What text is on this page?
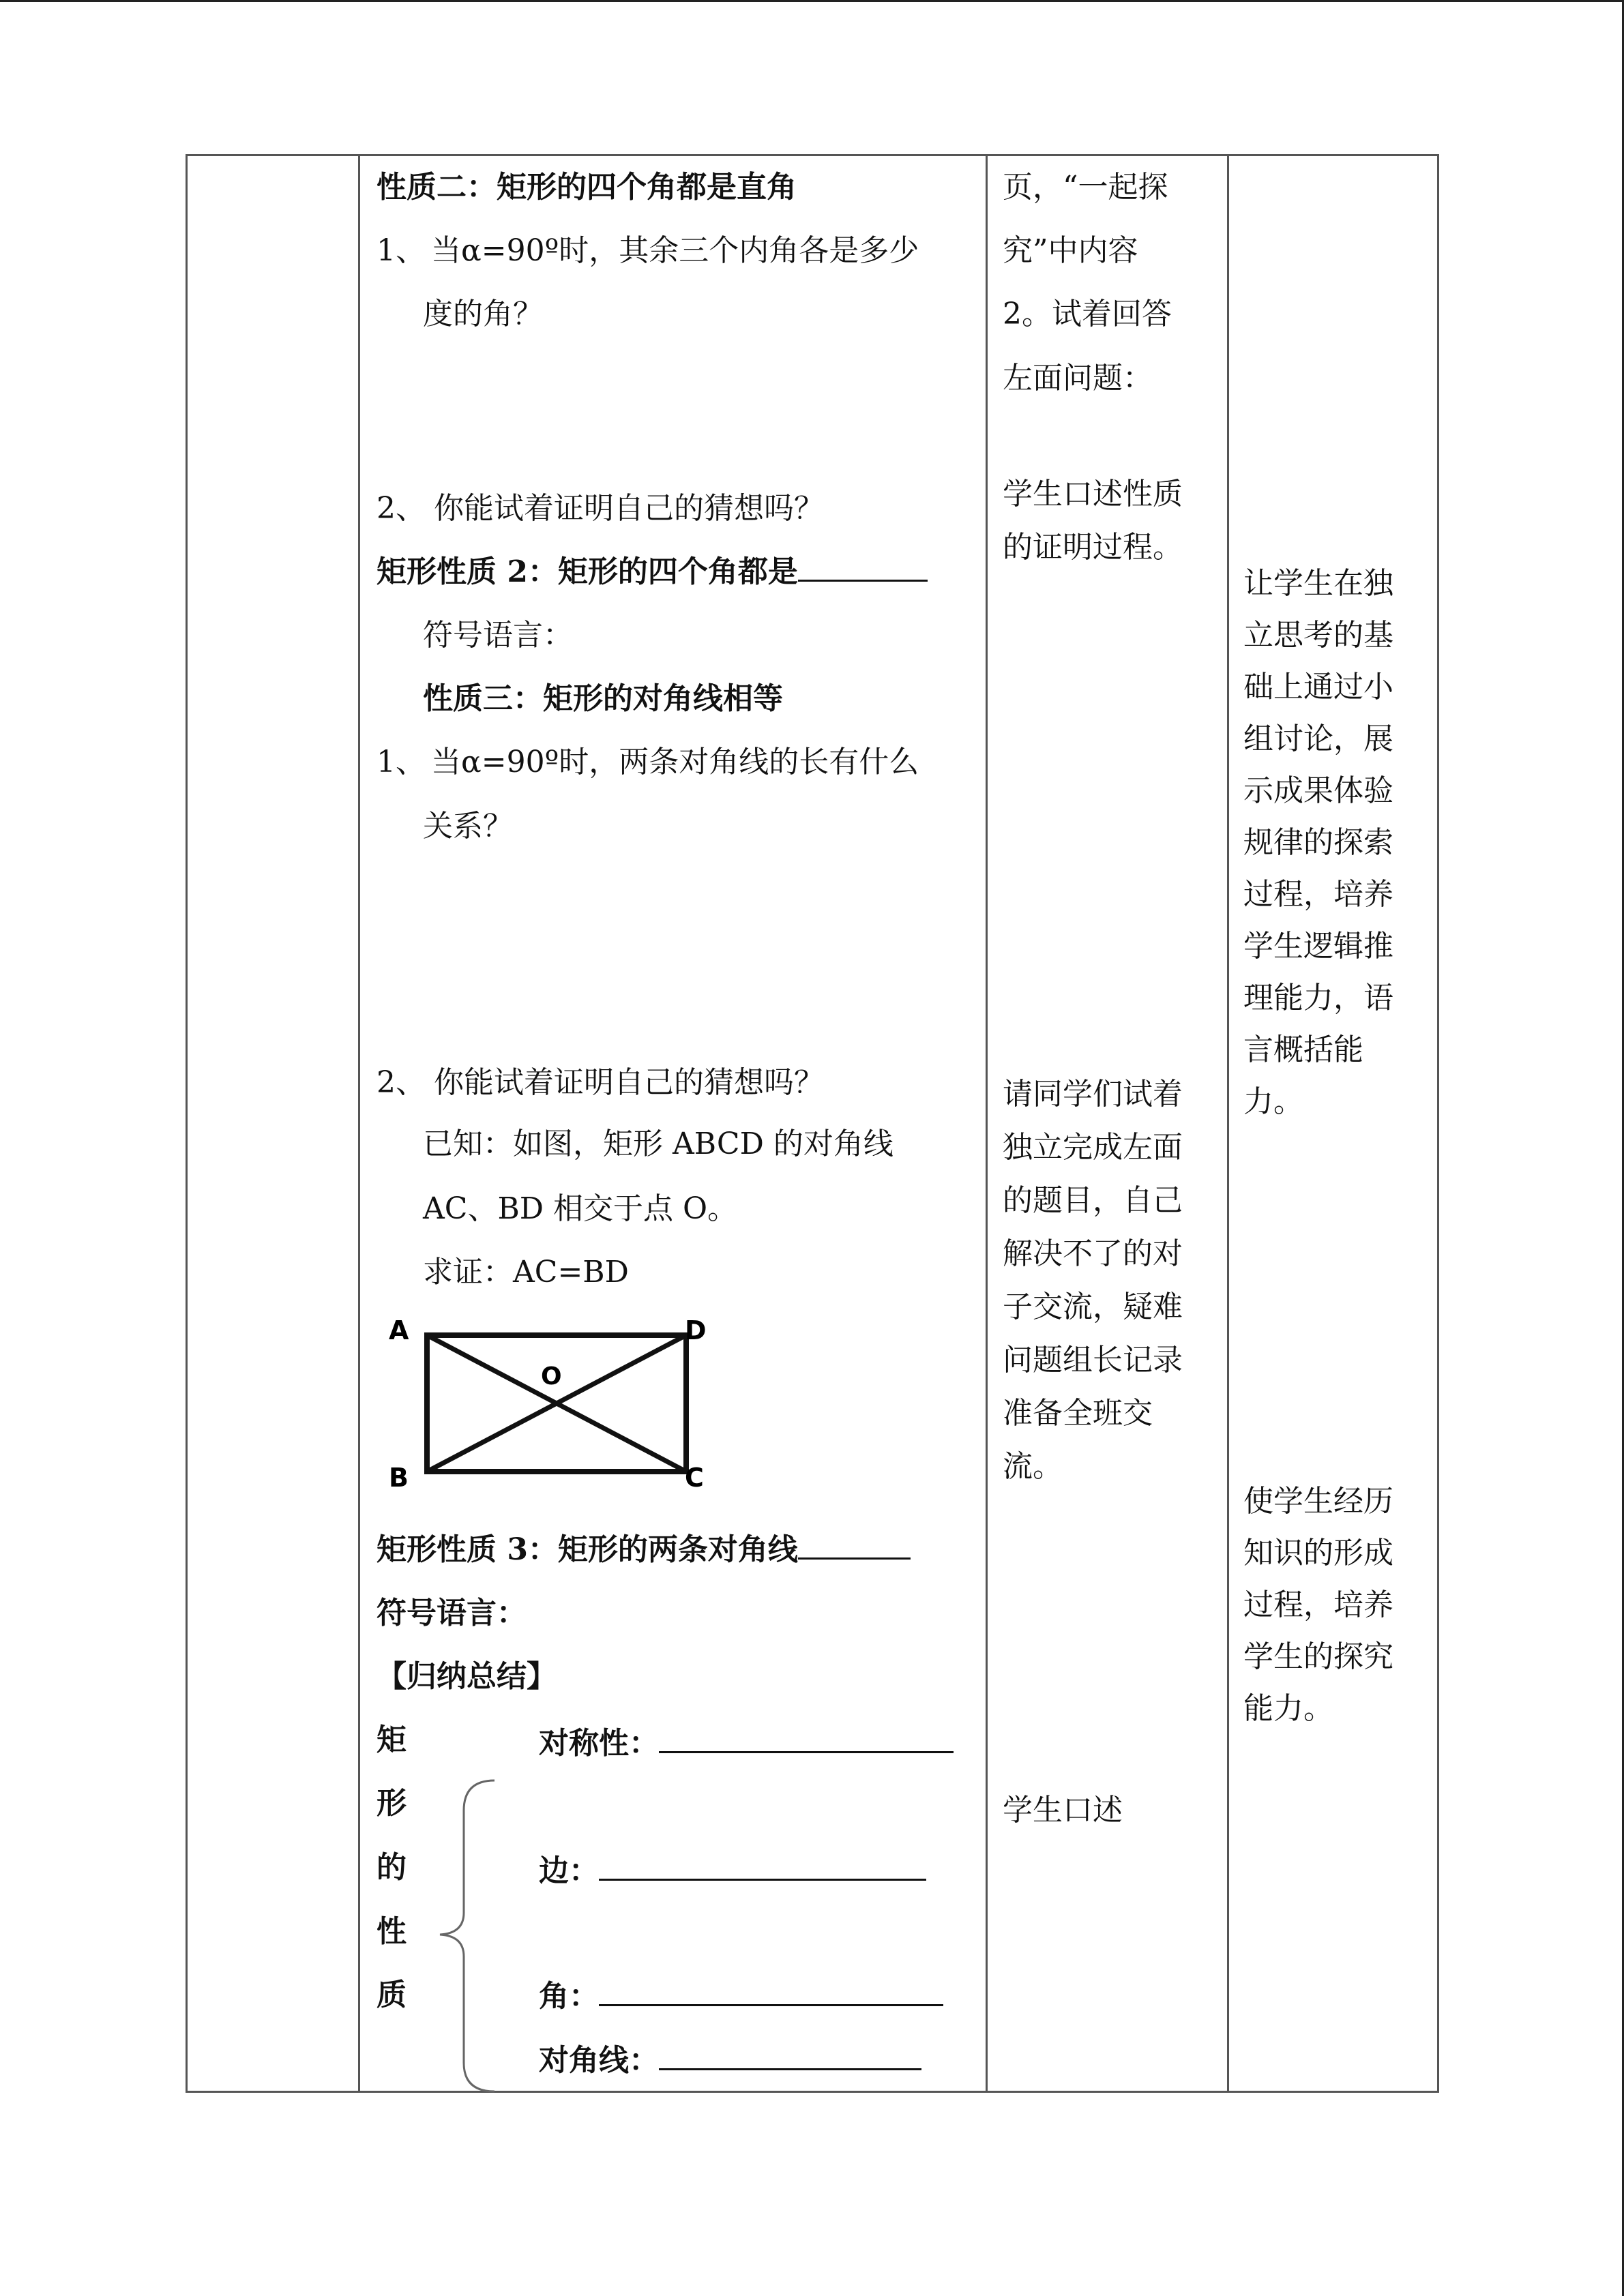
性质二：矩形的四个角都是直角
1、 当α=90º时，其余三个内角各是多少
度的角？
2、 你能试着证明自己的猜想吗？
矩形性质 2：矩形的四个角都是
符号语言：
性质三：矩形的对角线相等
1、 当α=90º时，两条对角线的长有什么
关系？
2、 你能试着证明自己的猜想吗？
已知：如图，矩形 ABCD 的对角线
AC、BD 相交于点 O。
求证：AC=BD
A	D
B	C
O
矩形性质 3：矩形的两条对角线
符号语言：
【归纳总结】
矩
形
的
性
质
对称性：
边：
角：
对角线：
页，“一起探
究”中内容
2。试着回答
左面问题：
学生口述性质
的证明过程。
请同学们试着
独立完成左面
的题目，自己
解决不了的对
子交流，疑难
问题组长记录
准备全班交
流。
学生口述
让学生在独
立思考的基
础上通过小
组讨论，展
示成果体验
规律的探索
过程，培养
学生逻辑推
理能力，语
言概括能
力。
使学生经历
知识的形成
过程，培养
学生的探究
能力。
